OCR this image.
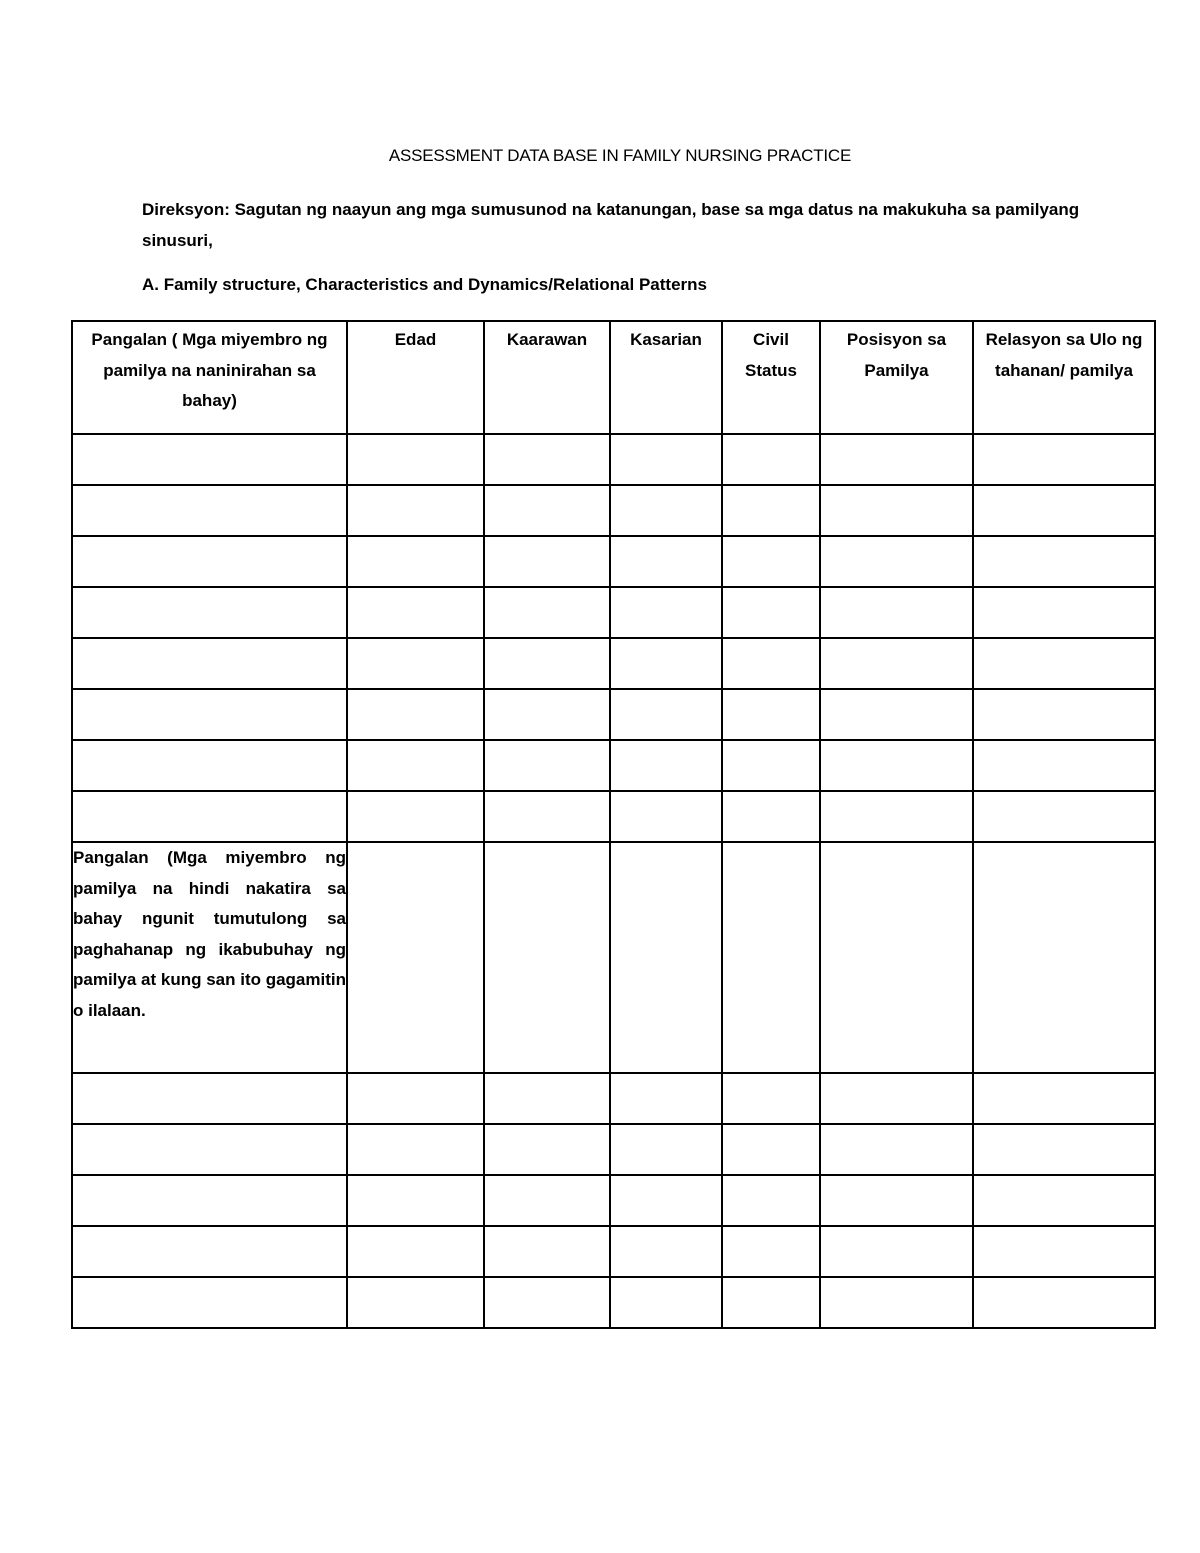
ASSESSMENT DATA BASE IN FAMILY NURSING PRACTICE
Direksyon: Sagutan ng naayun ang mga sumusunod na katanungan, base sa mga datus na makukuha sa pamilyang sinusuri,
A. Family structure, Characteristics and Dynamics/Relational Patterns
Pangalan ( Mga miyembro ng pamilya na naninirahan sa bahay)	Edad	Kaarawan	Kasarian	Civil Status	Posisyon sa Pamilya	Relasyon sa Ulo ng tahanan/ pamilya

Pangalan (Mga miyembro ng pamilya na hindi nakatira sa bahay ngunit tumutulong sa paghahanap ng ikabubuhay ng pamilya at kung san ito gagamitin o ilalaan.						
